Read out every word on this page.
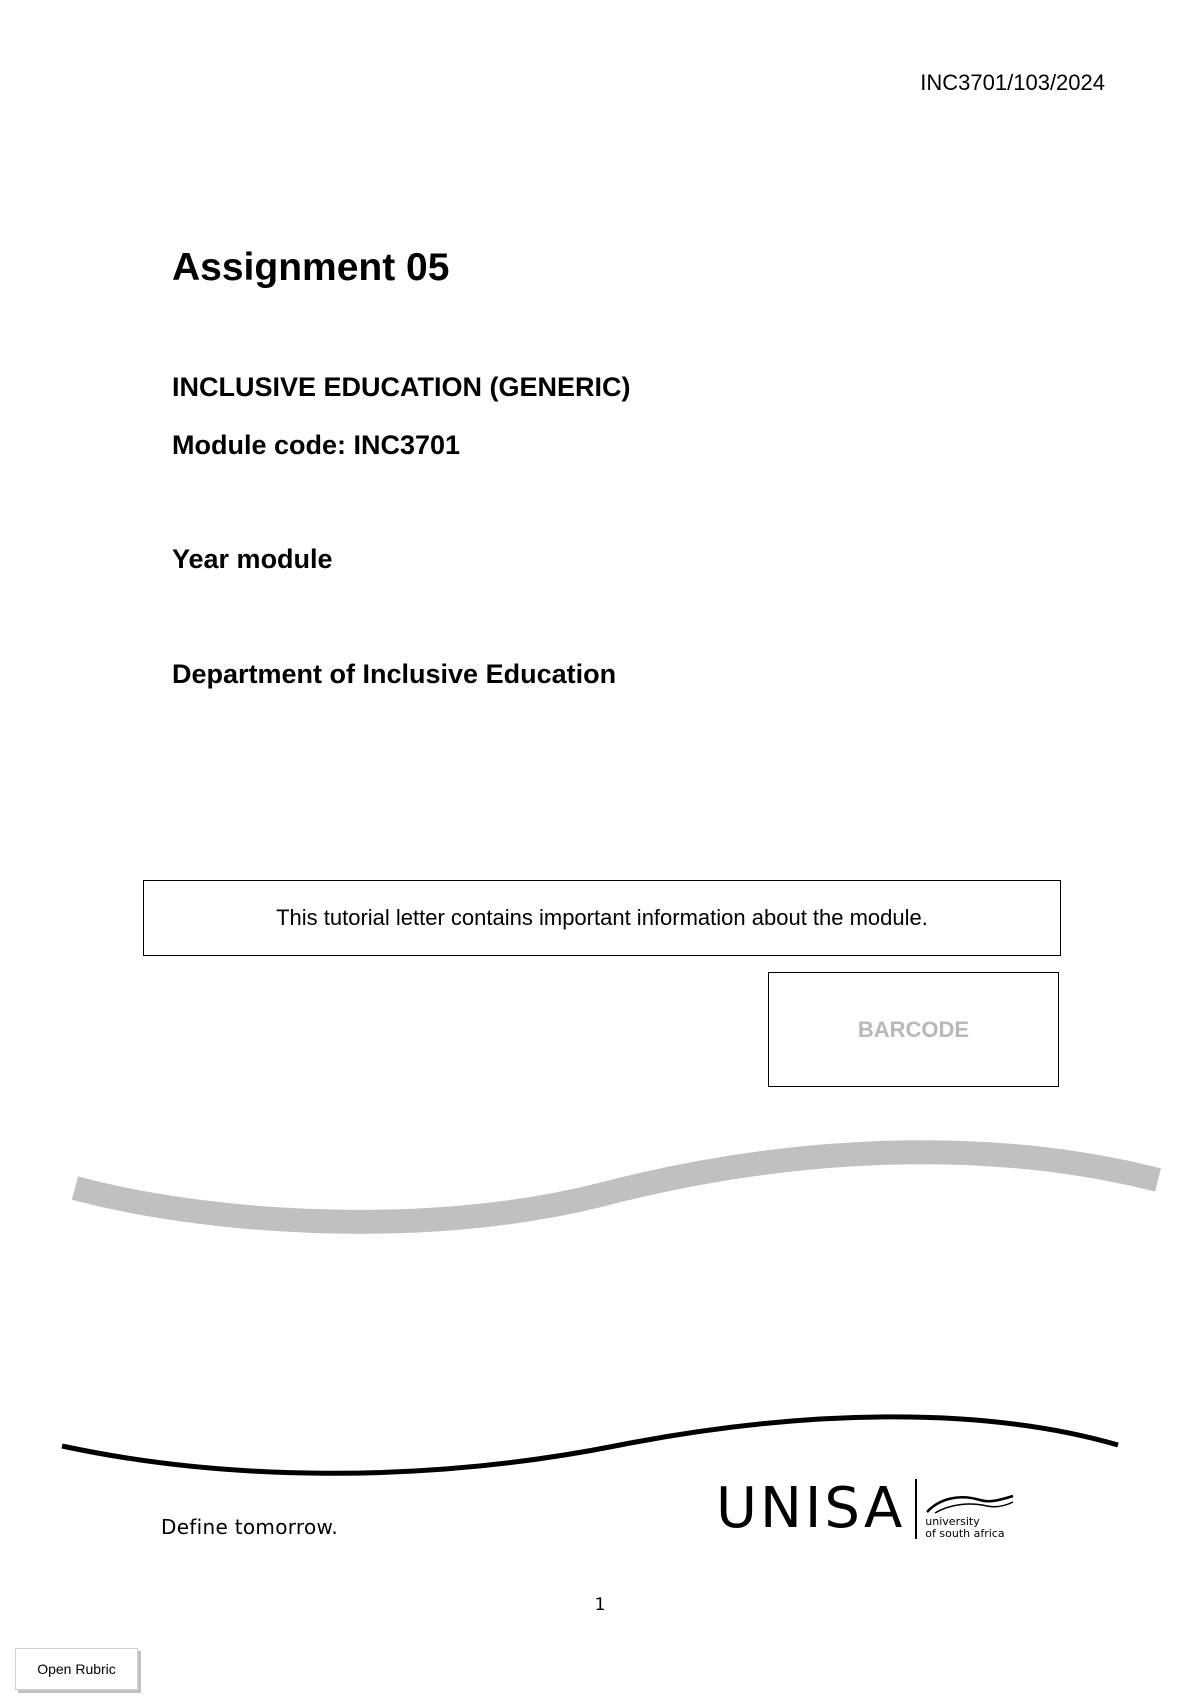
INC3701/103/2024
Assignment 05
INCLUSIVE EDUCATION (GENERIC)
Module code: INC3701
Year module
Department of Inclusive Education
This tutorial letter contains important information about the module.
BARCODE
Define tomorrow.	UNISA university
of south africa
1
Open Rubric
